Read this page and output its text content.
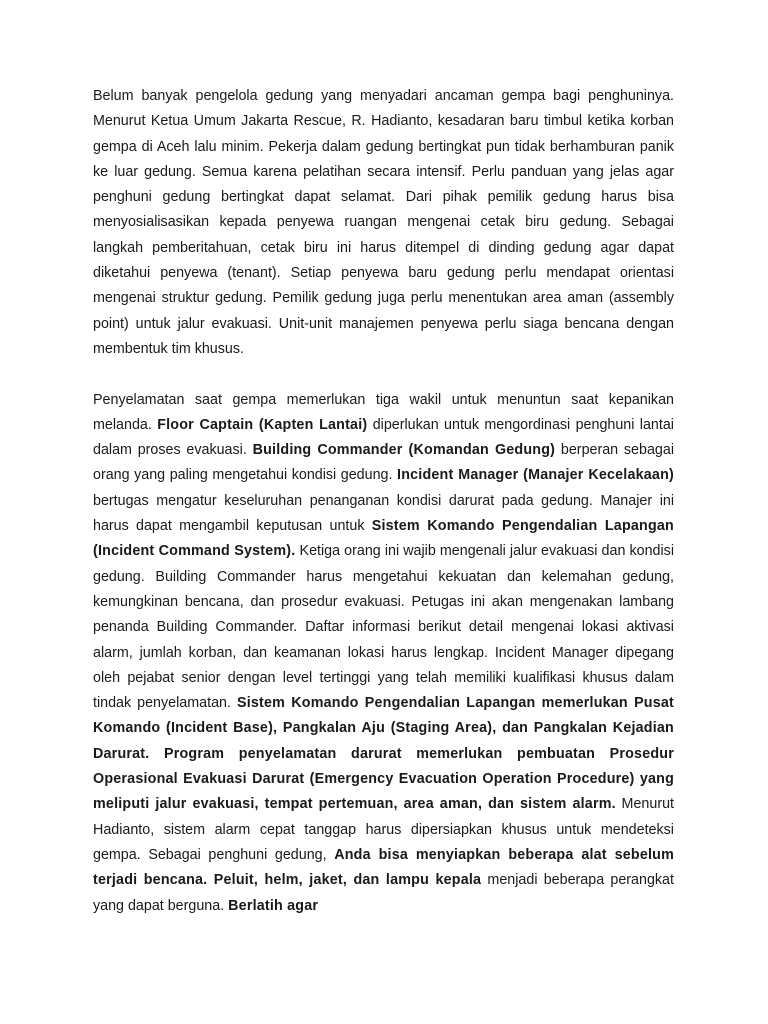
Belum banyak pengelola gedung yang menyadari ancaman gempa bagi penghuninya. Menurut Ketua Umum Jakarta Rescue, R. Hadianto, kesadaran baru timbul ketika korban gempa di Aceh lalu minim. Pekerja dalam gedung bertingkat pun tidak berhamburan panik ke luar gedung. Semua karena pelatihan secara intensif. Perlu panduan yang jelas agar penghuni gedung bertingkat dapat selamat. Dari pihak pemilik gedung harus bisa menyosialisasikan kepada penyewa ruangan mengenai cetak biru gedung. Sebagai langkah pemberitahuan, cetak biru ini harus ditempel di dinding gedung agar dapat diketahui penyewa (tenant). Setiap penyewa baru gedung perlu mendapat orientasi mengenai struktur gedung. Pemilik gedung juga perlu menentukan area aman (assembly point) untuk jalur evakuasi. Unit-unit manajemen penyewa perlu siaga bencana dengan membentuk tim khusus.

Penyelamatan saat gempa memerlukan tiga wakil untuk menuntun saat kepanikan melanda. Floor Captain (Kapten Lantai) diperlukan untuk mengordinasi penghuni lantai dalam proses evakuasi. Building Commander (Komandan Gedung) berperan sebagai orang yang paling mengetahui kondisi gedung. Incident Manager (Manajer Kecelakaan) bertugas mengatur keseluruhan penanganan kondisi darurat pada gedung. Manajer ini harus dapat mengambil keputusan untuk Sistem Komando Pengendalian Lapangan (Incident Command System). Ketiga orang ini wajib mengenali jalur evakuasi dan kondisi gedung. Building Commander harus mengetahui kekuatan dan kelemahan gedung, kemungkinan bencana, dan prosedur evakuasi. Petugas ini akan mengenakan lambang penanda Building Commander. Daftar informasi berikut detail mengenai lokasi aktivasi alarm, jumlah korban, dan keamanan lokasi harus lengkap. Incident Manager dipegang oleh pejabat senior dengan level tertinggi yang telah memiliki kualifikasi khusus dalam tindak penyelamatan. Sistem Komando Pengendalian Lapangan memerlukan Pusat Komando (Incident Base), Pangkalan Aju (Staging Area), dan Pangkalan Kejadian Darurat. Program penyelamatan darurat memerlukan pembuatan Prosedur Operasional Evakuasi Darurat (Emergency Evacuation Operation Procedure) yang meliputi jalur evakuasi, tempat pertemuan, area aman, dan sistem alarm. Menurut Hadianto, sistem alarm cepat tanggap harus dipersiapkan khusus untuk mendeteksi gempa. Sebagai penghuni gedung, Anda bisa menyiapkan beberapa alat sebelum terjadi bencana. Peluit, helm, jaket, dan lampu kepala menjadi beberapa perangkat yang dapat berguna. Berlatih agar
